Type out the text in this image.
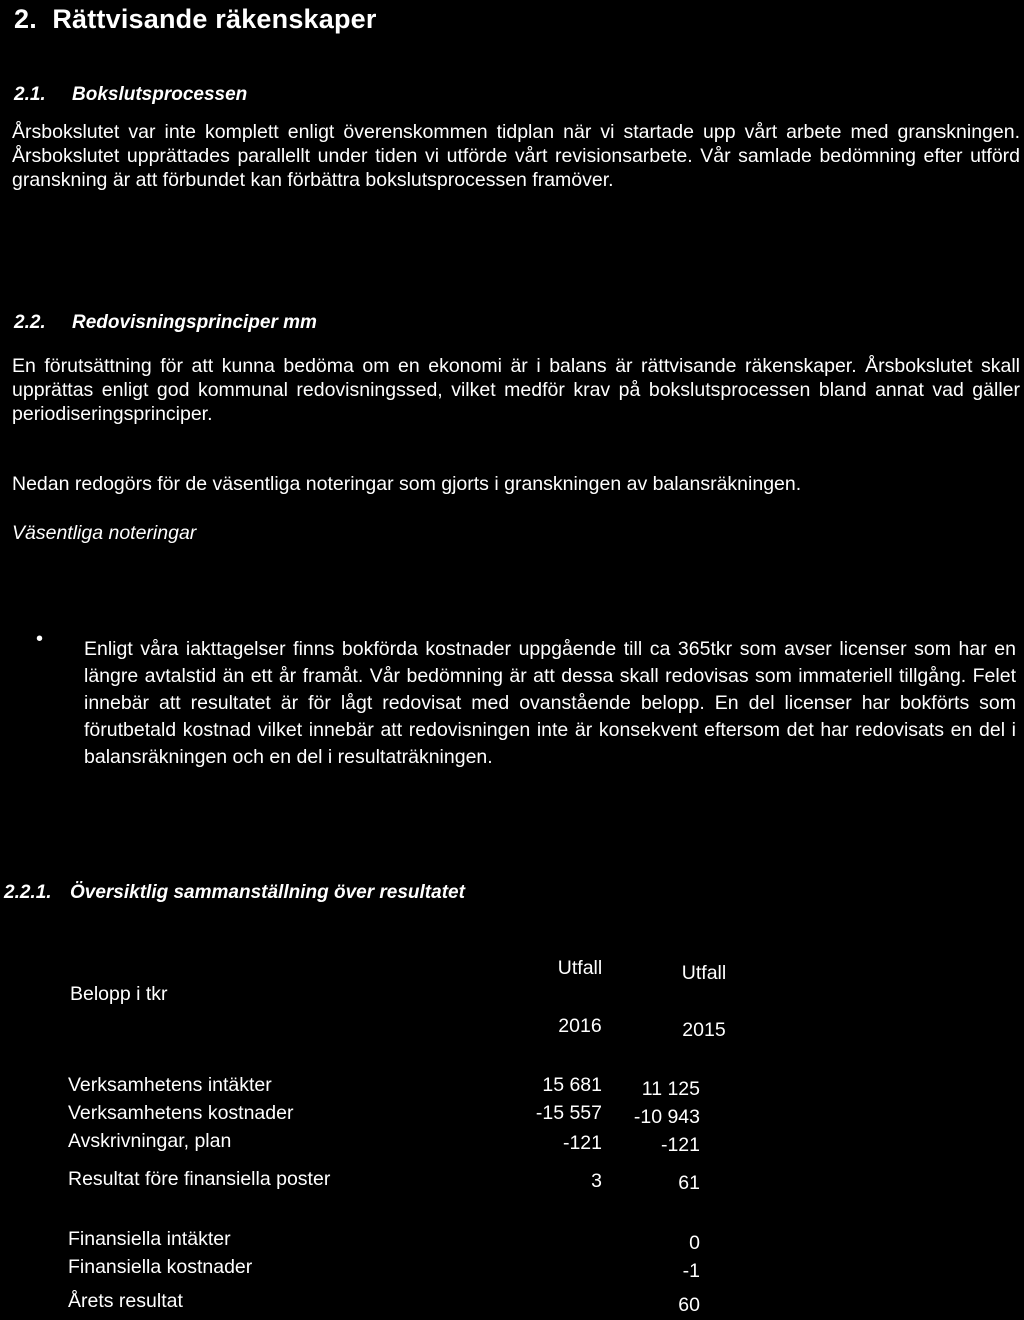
2. Rättvisande räkenskaper
2.1. Bokslutsprocessen
Årsbokslutet var inte komplett enligt överenskommen tidplan när vi startade upp vårt arbete med granskningen. Årsbokslutet upprättades parallellt under tiden vi utförde vårt revisionsarbete. Vår samlade bedömning efter utförd granskning är att förbundet kan förbättra bokslutsprocessen framöver.
2.2. Redovisningsprinciper mm
En förutsättning för att kunna bedöma om en ekonomi är i balans är rättvisande räkenskaper. Årsbokslutet skall upprättas enligt god kommunal redovisningssed, vilket medför krav på bokslutsprocessen bland annat vad gäller periodiseringsprinciper.
Nedan redogörs för de väsentliga noteringar som gjorts i granskningen av balansräkningen.
Väsentliga noteringar
• Enligt våra iakttagelser finns bokförda kostnader uppgående till ca 365tkr som avser licenser som har en längre avtalstid än ett år framåt. Vår bedömning är att dessa skall redovisas som immateriell tillgång. Felet innebär att resultatet är för lågt redovisat med ovanstående belopp. En del licenser har bokförts som förutbetald kostnad vilket innebär att redovisningen inte är konsekvent eftersom det har redovisats en del i balansräkningen och en del i resultaträkningen.
2.2.1. Översiktlig sammanställning över resultatet
Utfall	Utfall
Belopp i tkr
2016	2015
Verksamhetens intäkter	15 681	11 125
Verksamhetens kostnader	-15 557	-10 943
Avskrivningar, plan	-121	-121
Resultat före finansiella poster	3	61
Finansiella intäkter		0
Finansiella kostnader		-1
Årets resultat		60
